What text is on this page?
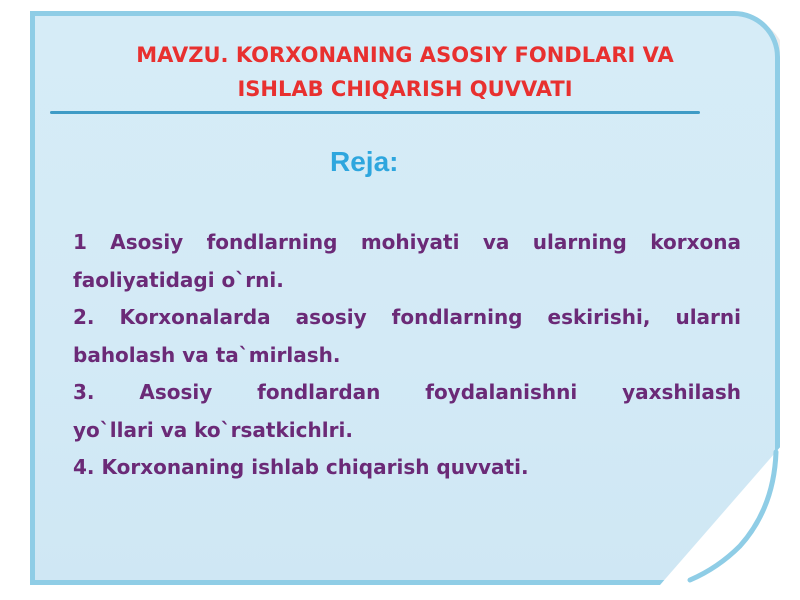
MAVZU. KORXONANING ASOSIY FONDLARI VA
ISHLAB CHIQARISH QUVVATI
Reja:
1 Asosiy fondlarning mohiyati va ularning korxona
faoliyatidagi o`rni.
2. Korxonalarda asosiy fondlarning eskirishi, ularni
baholash va ta`mirlash.
3. Asosiy fondlardan foydalanishni yaxshilash
yo`llari va ko`rsatkichlri.
4. Korxonaning ishlab chiqarish quvvati.
